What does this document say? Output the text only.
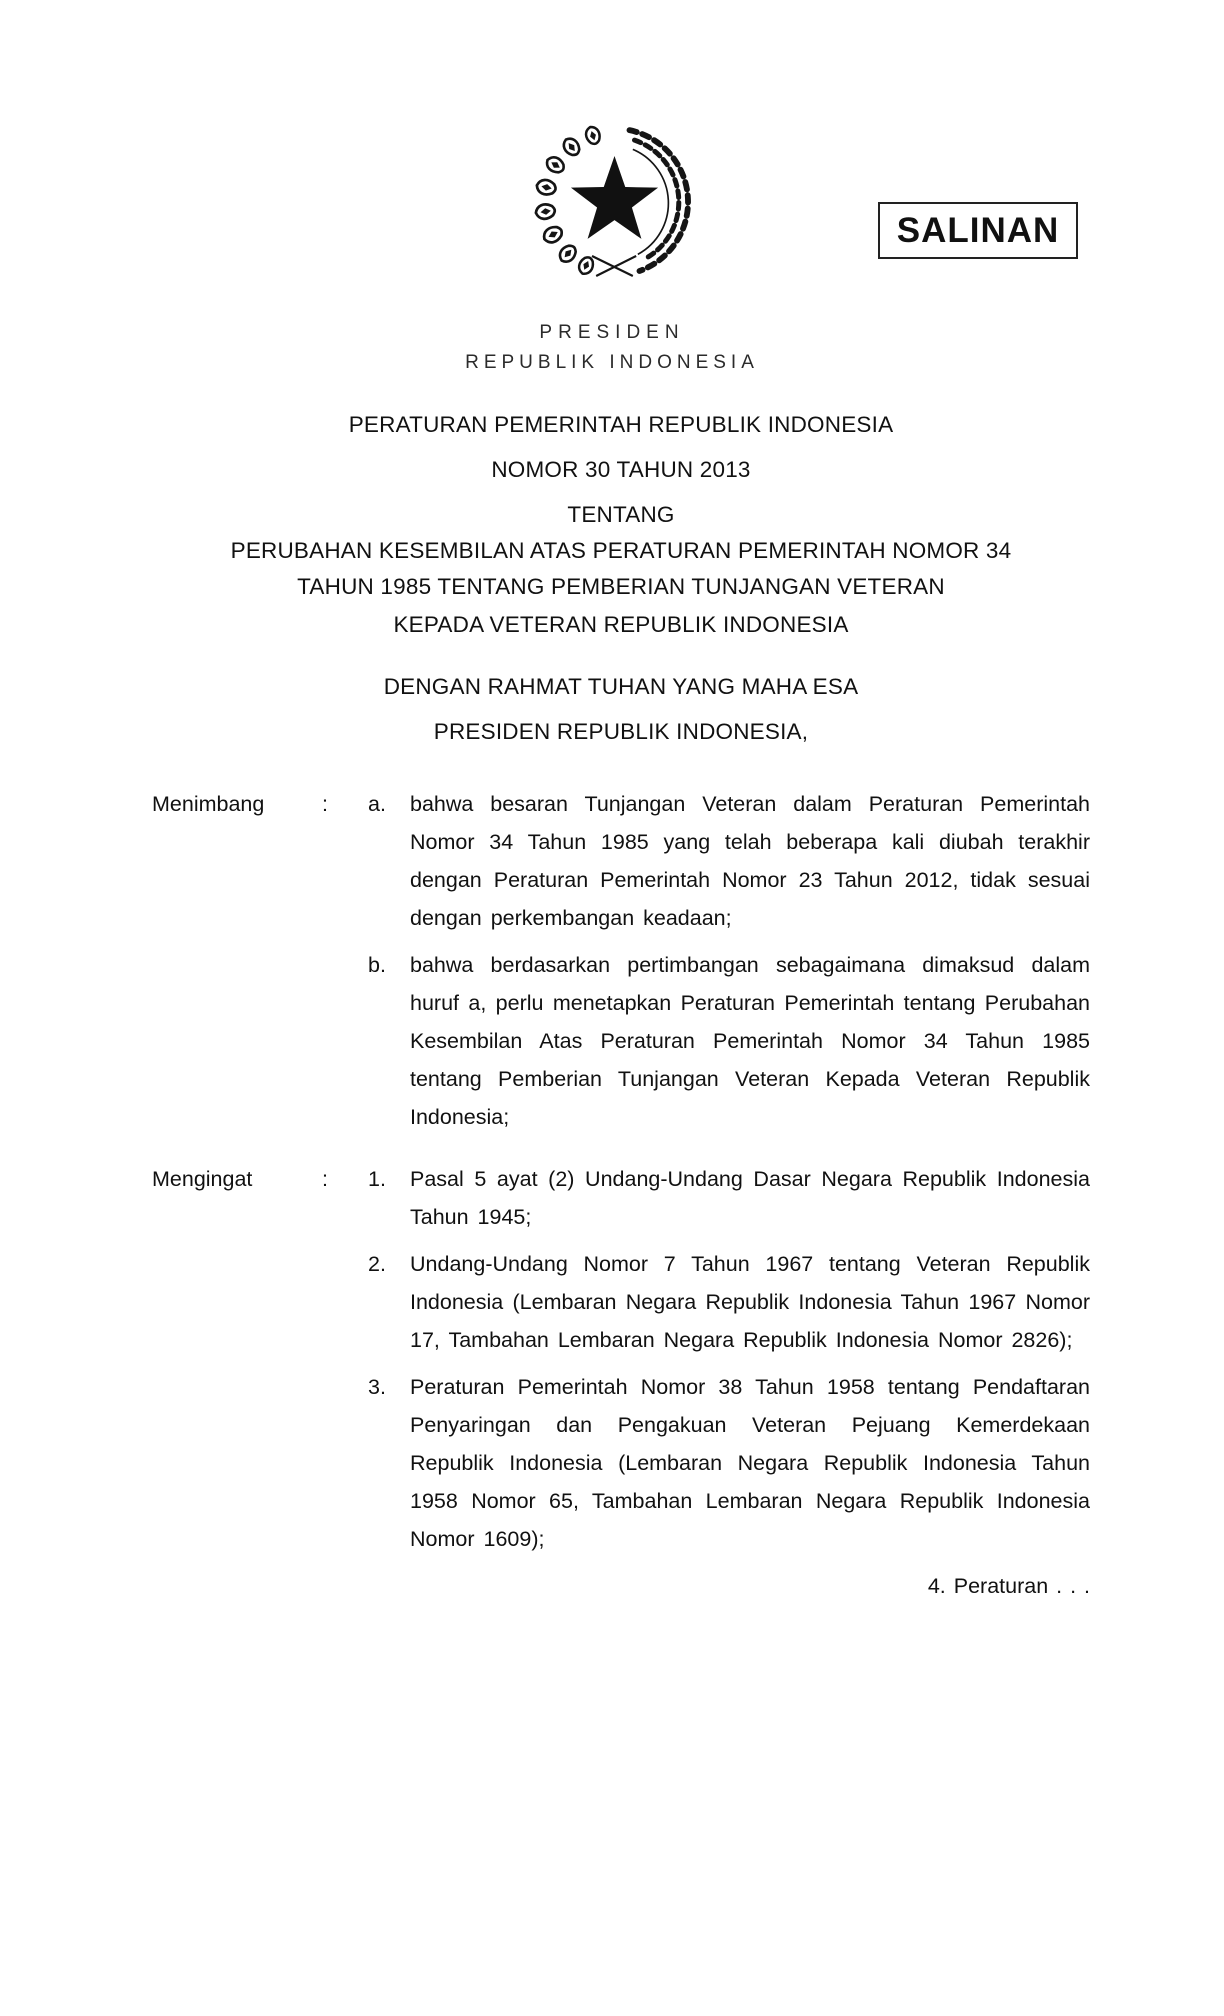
SALINAN
PRESIDEN
REPUBLIK INDONESIA
PERATURAN PEMERINTAH REPUBLIK INDONESIA
NOMOR 30 TAHUN 2013
TENTANG
PERUBAHAN KESEMBILAN ATAS PERATURAN PEMERINTAH NOMOR 34
TAHUN 1985 TENTANG PEMBERIAN TUNJANGAN VETERAN
KEPADA VETERAN REPUBLIK INDONESIA
DENGAN RAHMAT TUHAN YANG MAHA ESA
PRESIDEN REPUBLIK INDONESIA,
Menimbang	:	a.	bahwa besaran Tunjangan Veteran dalam Peraturan Pemerintah Nomor 34 Tahun 1985 yang telah beberapa kali diubah terakhir dengan Peraturan Pemerintah Nomor 23 Tahun 2012, tidak sesuai dengan perkembangan keadaan;
b.	bahwa berdasarkan pertimbangan sebagaimana dimaksud dalam huruf a, perlu menetapkan Peraturan Pemerintah tentang Perubahan Kesembilan Atas Peraturan Pemerintah Nomor 34 Tahun 1985 tentang Pemberian Tunjangan Veteran Kepada Veteran Republik Indonesia;
Mengingat	:	1.	Pasal 5 ayat (2) Undang-Undang Dasar Negara Republik Indonesia Tahun 1945;
2.	Undang-Undang Nomor 7 Tahun 1967 tentang Veteran Republik Indonesia (Lembaran Negara Republik Indonesia Tahun 1967 Nomor 17, Tambahan Lembaran Negara Republik Indonesia Nomor 2826);
3.	Peraturan Pemerintah Nomor 38 Tahun 1958 tentang Pendaftaran Penyaringan dan Pengakuan Veteran Pejuang Kemerdekaan Republik Indonesia (Lembaran Negara Republik Indonesia Tahun 1958 Nomor 65, Tambahan Lembaran Negara Republik Indonesia Nomor 1609);
4. Peraturan . . .
